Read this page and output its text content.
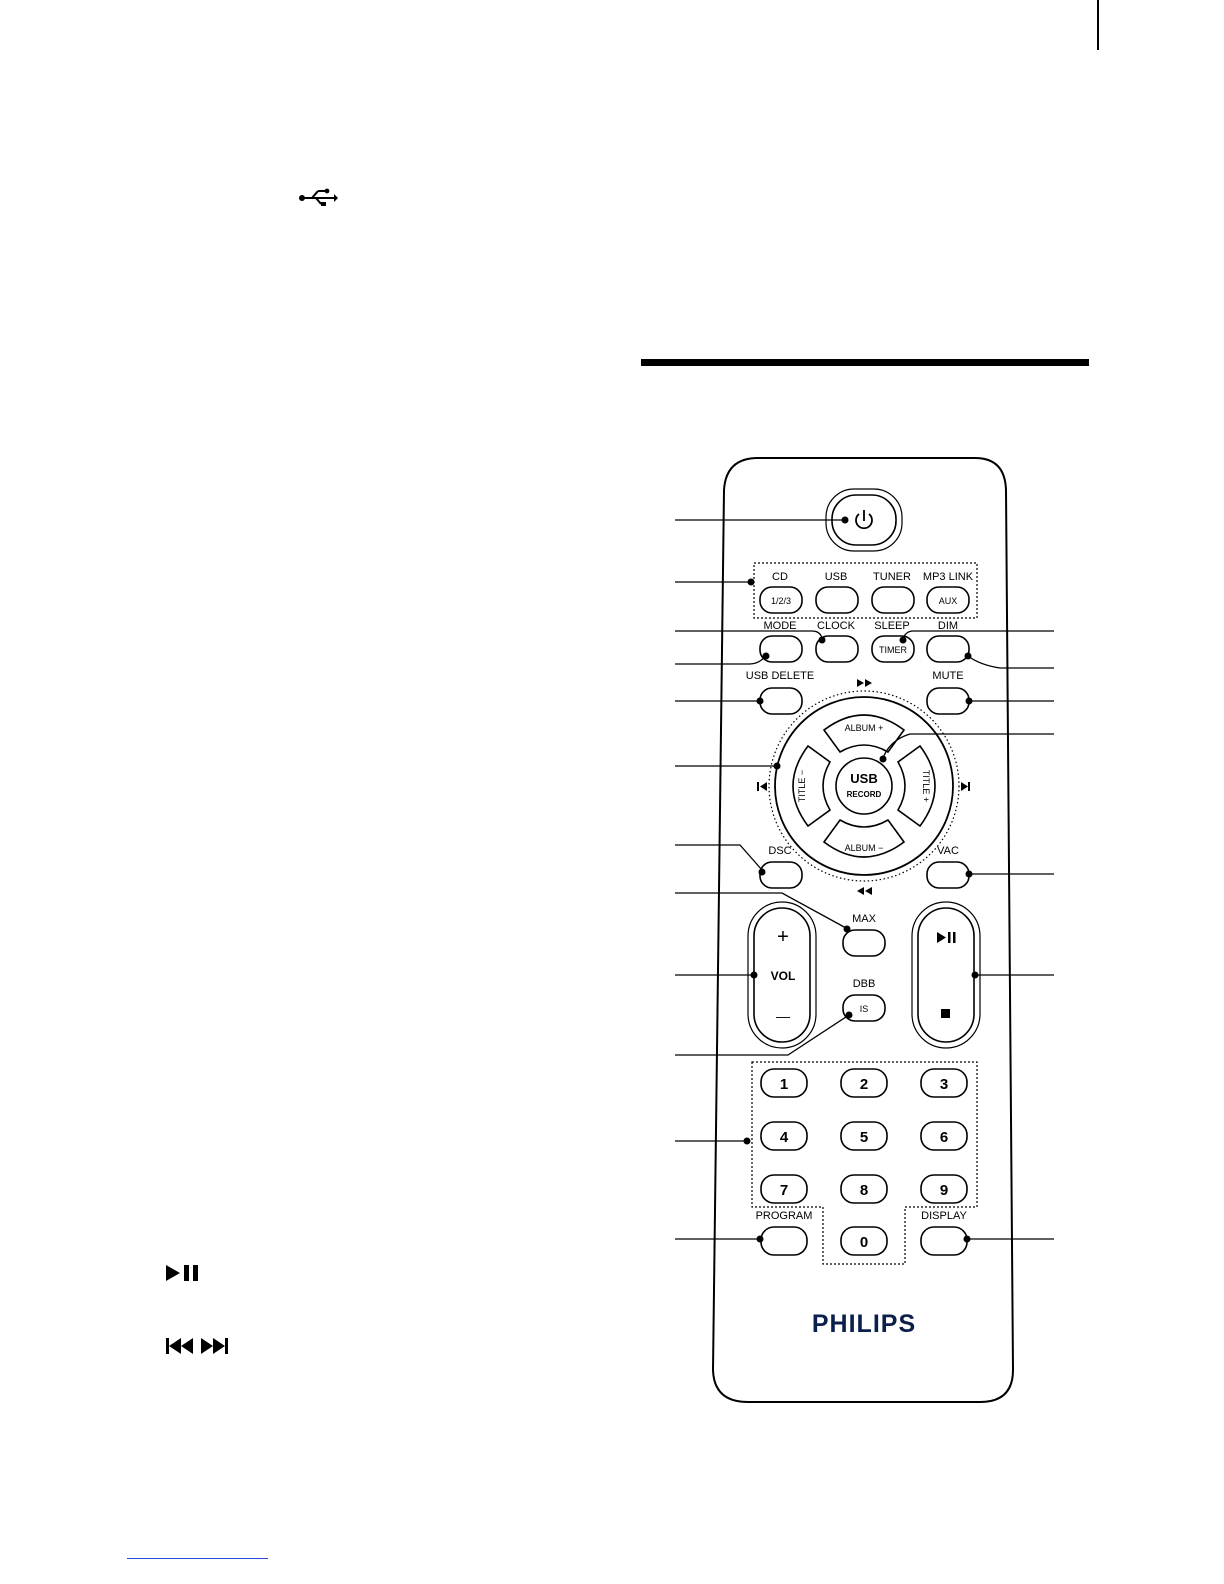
CD	USB TUNER MP3 LINK
1/2/3	AUX
MODE CLOCK SLEEP	DIM
TIMER
USB DELETE	MUTE
ALBUM +
ALBUM −
TITLE −	TITLE +
USB
RECORD
DSC	VAC
+
VOL
—
MAX
DBB
IS
1	2	3
4	5	6
7	8	9
0
PROGRAM	DISPLAY
PHILIPS
